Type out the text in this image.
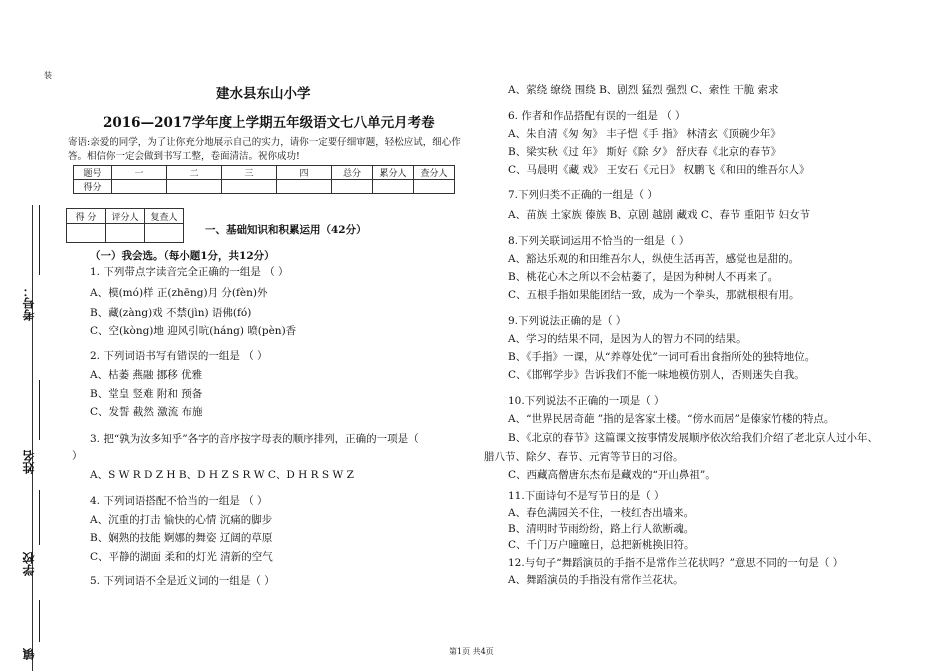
装
考号：
姓名
学校
镇
建水县东山小学
2016—2017学年度上学期五年级语文七八单元月考卷
寄语:亲爱的同学，为了让你充分地展示自己的实力，请你一定要仔细审题，轻松应试，细心作答。相信你一定会做到书写工整，卷面清洁。祝你成功!
题号	一	二	三	四	总分	累分人	查分人
得分							
得 分	评分人	复查人

一、基础知识和积累运用（42分）
（一）我会选。（每小题1分，共12分）
1. 下列带点字读音完全正确的一组是 （ ）
A、模(mó)样 正(zhēng)月 分(fèn)外
B、藏(zàng)戏 不禁(jìn) 语佛(fó)
C、空(kòng)地 迎风引吭(háng) 喷(pèn)香
2. 下列词语书写有错误的一组是 （ ）
A、枯萎 燕融 挪移 优雅
B、堂皇 竖难 附和 预备
C、发誓 截然 激流 布施
3. 把“孰为汝多知乎”各字的音序按字母表的顺序排列，正确的一项是（
）
A、S W R D Z H B、D H Z S R W C、D H R S W Z
4. 下列词语搭配不恰当的一组是 （ ）
A、沉重的打击 愉快的心情 沉痛的脚步
B、娴熟的技能 婀娜的舞姿 辽阔的草原
C、平静的湖面 柔和的灯光 清新的空气
5. 下列词语不全是近义词的一组是（ ）
A、萦绕 缭绕 围绕 B、剧烈 猛烈 强烈 C、索性 干脆 索求
6. 作者和作品搭配有误的一组是 （ ）
A、朱自清《匆 匆》 丰子恺《手 指》 林清玄《顶碗少年》
B、梁实秋《过 年》 斯好《除 夕》 舒庆春《北京的春节》
C、马晨明《藏 戏》 王安石《元日》 权鹏飞《和田的维吾尔人》
7.下列归类不正确的一组是（ ）
A、苗族 土家族 傣族 B、京剧 越剧 藏戏 C、春节 重阳节 妇女节
8.下列关联词运用不恰当的一组是（ ）
A、豁达乐观的和田维吾尔人，纵使生活再苦，感觉也是甜的。
B、桃花心木之所以不会枯萎了，是因为种树人不再来了。
C、五根手指如果能团结一致，成为一个拳头，那就根根有用。
9.下列说法正确的是（ ）
A、学习的结果不同，是因为人的智力不同的结果。
B、《手指》一课，从“养尊处优”一词可看出食指所处的独特地位。
C、《邯郸学步》告诉我们不能一味地模仿别人，否则迷失自我。
10.下列说法不正确的一项是（ ）
A、“世界民居奇葩 ”指的是客家土楼。“傍水而居”是傣家竹楼的特点。
B、《北京的春节》这篇课文按事情发展顺序依次给我们介绍了老北京人过小年、
腊八节、除夕、春节、元宵等节日的习俗。
C、西藏高僧唐东杰布是藏戏的“开山鼻祖”。
11.下面诗句不是写节日的是（ ）
A、春色满园关不住，一枝红杏出墙来。
B、清明时节雨纷纷，路上行人欲断魂。
C、千门万户曈曈日，总把新桃换旧符。
12.与句子“舞蹈演员的手指不是常作兰花状吗？”意思不同的一句是（ ）
A、舞蹈演员的手指没有常作兰花状。
第1页 共4页
